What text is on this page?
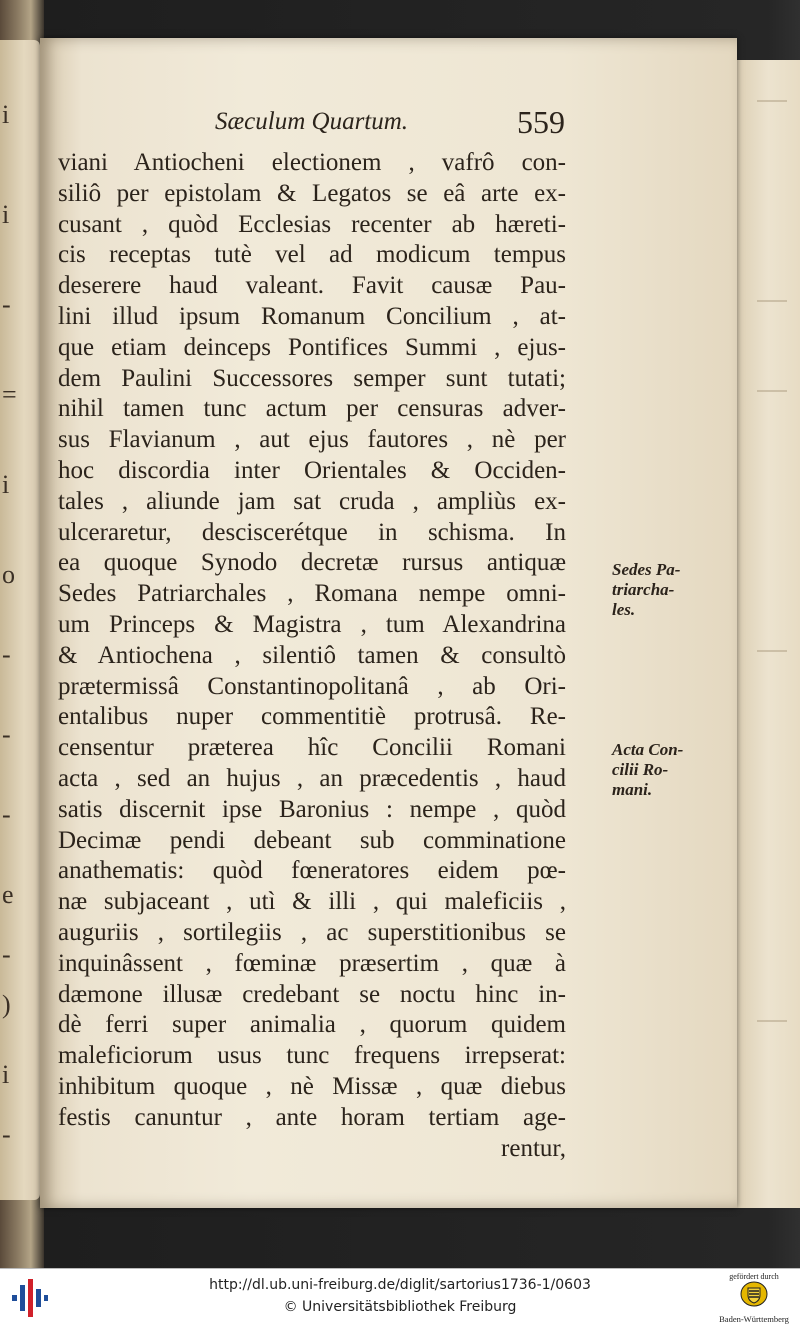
i
i
-
=
i
o
-
-
-
e
-
)
i
-
Sæculum Quartum.	559
viani Antiocheni electionem , vafrô con-
siliô per epistolam & Legatos se eâ arte ex-
cusant , quòd Ecclesias recenter ab hæreti-
cis receptas tutè vel ad modicum tempus
deserere haud valeant. Favit causæ Pau-
lini illud ipsum Romanum Concilium , at-
que etiam deinceps Pontifices Summi , ejus-
dem Paulini Successores semper sunt tutati;
nihil tamen tunc actum per censuras adver-
sus Flavianum , aut ejus fautores , nè per
hoc discordia inter Orientales & Occiden-
tales , aliunde jam sat cruda , ampliùs ex-
ulceraretur, desciscerétque in schisma. In
ea quoque Synodo decretæ rursus antiquæ
Sedes Patriarchales , Romana nempe omni-
um Princeps & Magistra , tum Alexandrina
& Antiochena , silentiô tamen & consultò
prætermissâ Constantinopolitanâ , ab Ori-
entalibus nuper commentitiè protrusâ. Re-
censentur præterea hîc Concilii Romani
acta , sed an hujus , an præcedentis , haud
satis discernit ipse Baronius : nempe , quòd
Decimæ pendi debeant sub comminatione
anathematis: quòd fœneratores eidem pœ-
næ subjaceant , utì & illi , qui maleficiis ,
auguriis , sortilegiis , ac superstitionibus se
inquinâssent , fœminæ præsertim , quæ à
dæmone illusæ credebant se noctu hinc in-
dè ferri super animalia , quorum quidem
maleficiorum usus tunc frequens irrepserat:
inhibitum quoque , nè Missæ , quæ diebus
festis canuntur , ante horam tertiam age-
rentur,
Sedes Pa-
triarcha-
les.
Acta Con-
cilii Ro-
mani.
http://dl.ub.uni-freiburg.de/diglit/sartorius1736-1/0603
© Universitätsbibliothek Freiburg
gefördert durch
Baden-Württemberg
